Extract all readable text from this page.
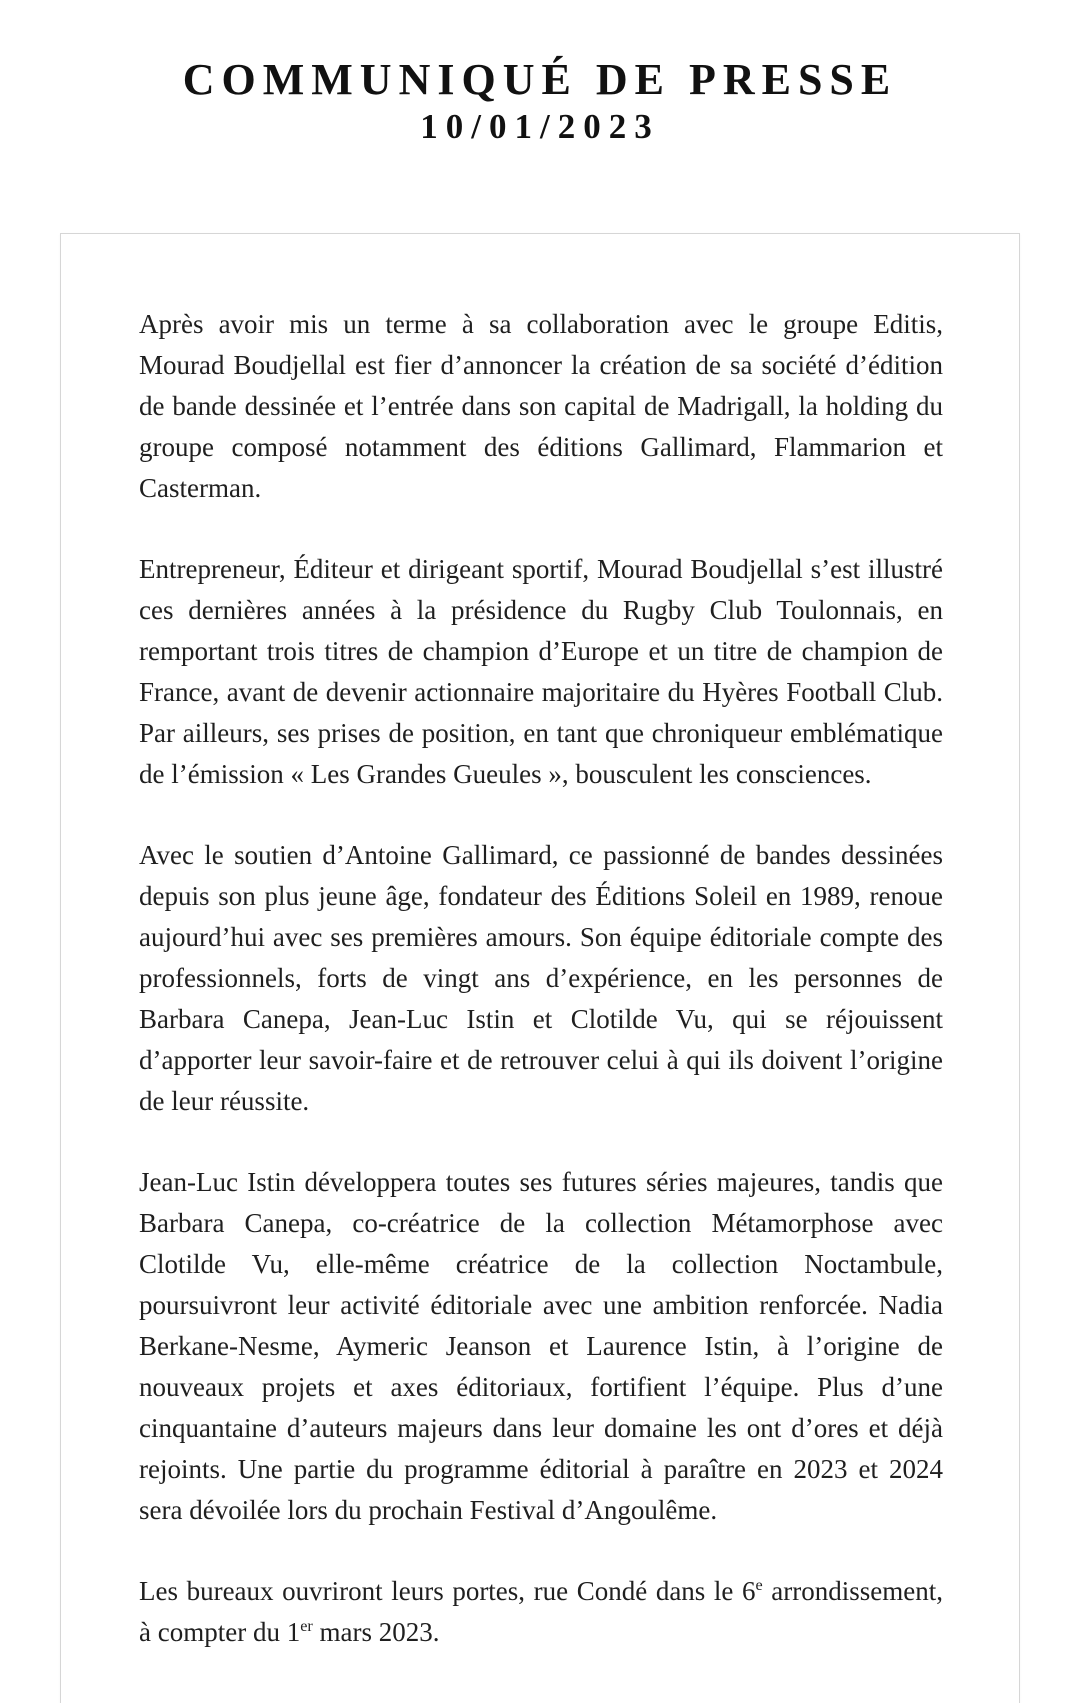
COMMUNIQUÉ DE PRESSE
10/01/2023

Après avoir mis un terme à sa collaboration avec le groupe Editis, Mourad Boudjellal est fier d’annoncer la création de sa société d’édition de bande dessinée et l’entrée dans son capital de Madrigall, la holding du groupe composé notamment des éditions Gallimard, Flammarion et Casterman.

Entrepreneur, Éditeur et dirigeant sportif, Mourad Boudjellal s’est illustré ces dernières années à la présidence du Rugby Club Toulonnais, en remportant trois titres de champion d’Europe et un titre de champion de France, avant de devenir actionnaire majoritaire du Hyères Football Club. Par ailleurs, ses prises de position, en tant que chroniqueur emblématique de l’émission « Les Grandes Gueules », bousculent les consciences.

Avec le soutien d’Antoine Gallimard, ce passionné de bandes dessinées depuis son plus jeune âge, fondateur des Éditions Soleil en 1989, renoue aujourd’hui avec ses premières amours. Son équipe éditoriale compte des professionnels, forts de vingt ans d’expérience, en les personnes de Barbara Canepa, Jean-Luc Istin et Clotilde Vu, qui se réjouissent d’apporter leur savoir-faire et de retrouver celui à qui ils doivent l’origine de leur réussite.

Jean-Luc Istin développera toutes ses futures séries majeures, tandis que Barbara Canepa, co-créatrice de la collection Métamorphose avec Clotilde Vu, elle-même créatrice de la collection Noctambule, poursuivront leur activité éditoriale avec une ambition renforcée. Nadia Berkane-Nesme, Aymeric Jeanson et Laurence Istin, à l’origine de nouveaux projets et axes éditoriaux, fortifient l’équipe. Plus d’une cinquantaine d’auteurs majeurs dans leur domaine les ont d’ores et déjà rejoints. Une partie du programme éditorial à paraître en 2023 et 2024 sera dévoilée lors du prochain Festival d’Angoulême.

Les bureaux ouvriront leurs portes, rue Condé dans le 6e arrondissement, à compter du 1er mars 2023.
